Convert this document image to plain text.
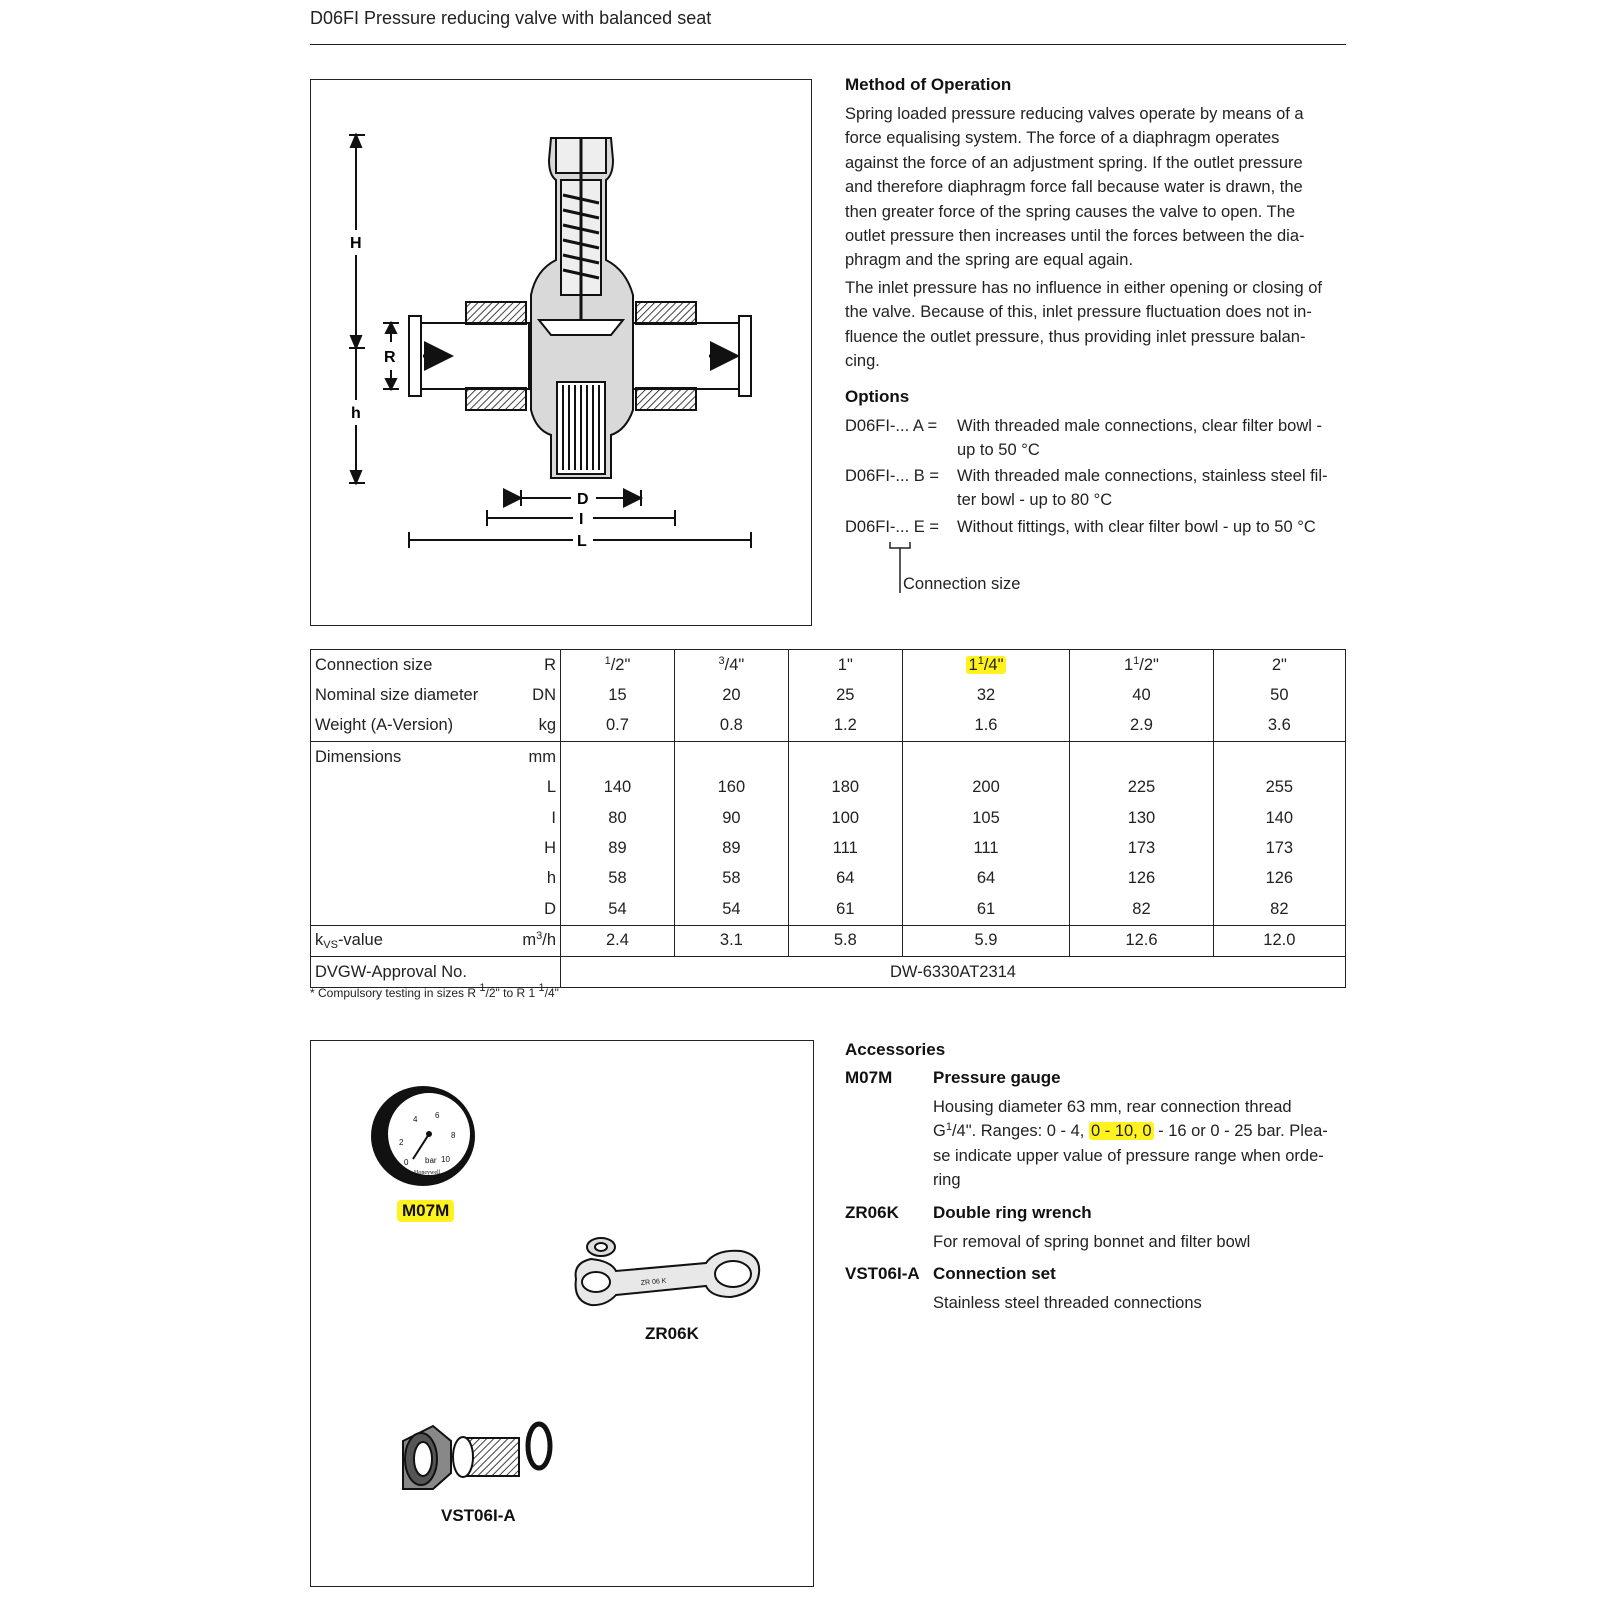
D06FI Pressure reducing valve with balanced seat
H
R
h
D
I
L
Method of Operation
Spring loaded pressure reducing valves operate by means of a
force equalising system. The force of a diaphragm operates
against the force of an adjustment spring. If the outlet pressure
and therefore diaphragm force fall because water is drawn, the
then greater force of the spring causes the valve to open. The
outlet pressure then increases until the forces between the dia-
phragm and the spring are equal again.
The inlet pressure has no influence in either opening or closing of
the valve. Because of this, inlet pressure fluctuation does not in-
fluence the outlet pressure, thus providing inlet pressure balan-
cing.
Options
D06FI-... A = With threaded male connections, clear filter bowl -
up to 50 °C
D06FI-... B = With threaded male connections, stainless steel fil-
ter bowl - up to 80 °C
D06FI-... E = Without fittings, with clear filter bowl - up to 50 °C
Connection size
Connection size	R	$^1$/2"	$^3$/4"	1"	$1^1/4$"	$1^1/2$"	2"
Nominal size diameter	DN	15	20	25	32	40	50
Weight (A-Version)	kg	0.7	0.8	1.2	1.6	2.9	3.6
Dimensions	mm						
	L	140	160	180	200	225	255
	I	80	90	100	105	130	140
	H	89	89	111	111	173	173
	h	58	58	64	64	126	126
	D	54	54	61	61	82	82
$k_{VS}$-value	$m^3/h$	2.4	3.1	5.8	5.9	12.6	12.0
DVGW-Approval No.		DW-6330AT2314					
* Compulsory testing in sizes R $^1$/2" to R 1 $^1$/4"
0
2
4 6
8
10
bar
Honeywell
ZR 06 K
M07M
ZR06K
VST06I-A
Accessories
M07M Pressure gauge
Housing diameter 63 mm, rear connection thread
$G^1/4$". Ranges: 0 - 4, 0 - 10, 0 - 16 or 0 - 25 bar. Plea-
se indicate upper value of pressure range when orde-
ring
ZR06K Double ring wrench
For removal of spring bonnet and filter bowl
VST06I-A Connection set
Stainless steel threaded connections
